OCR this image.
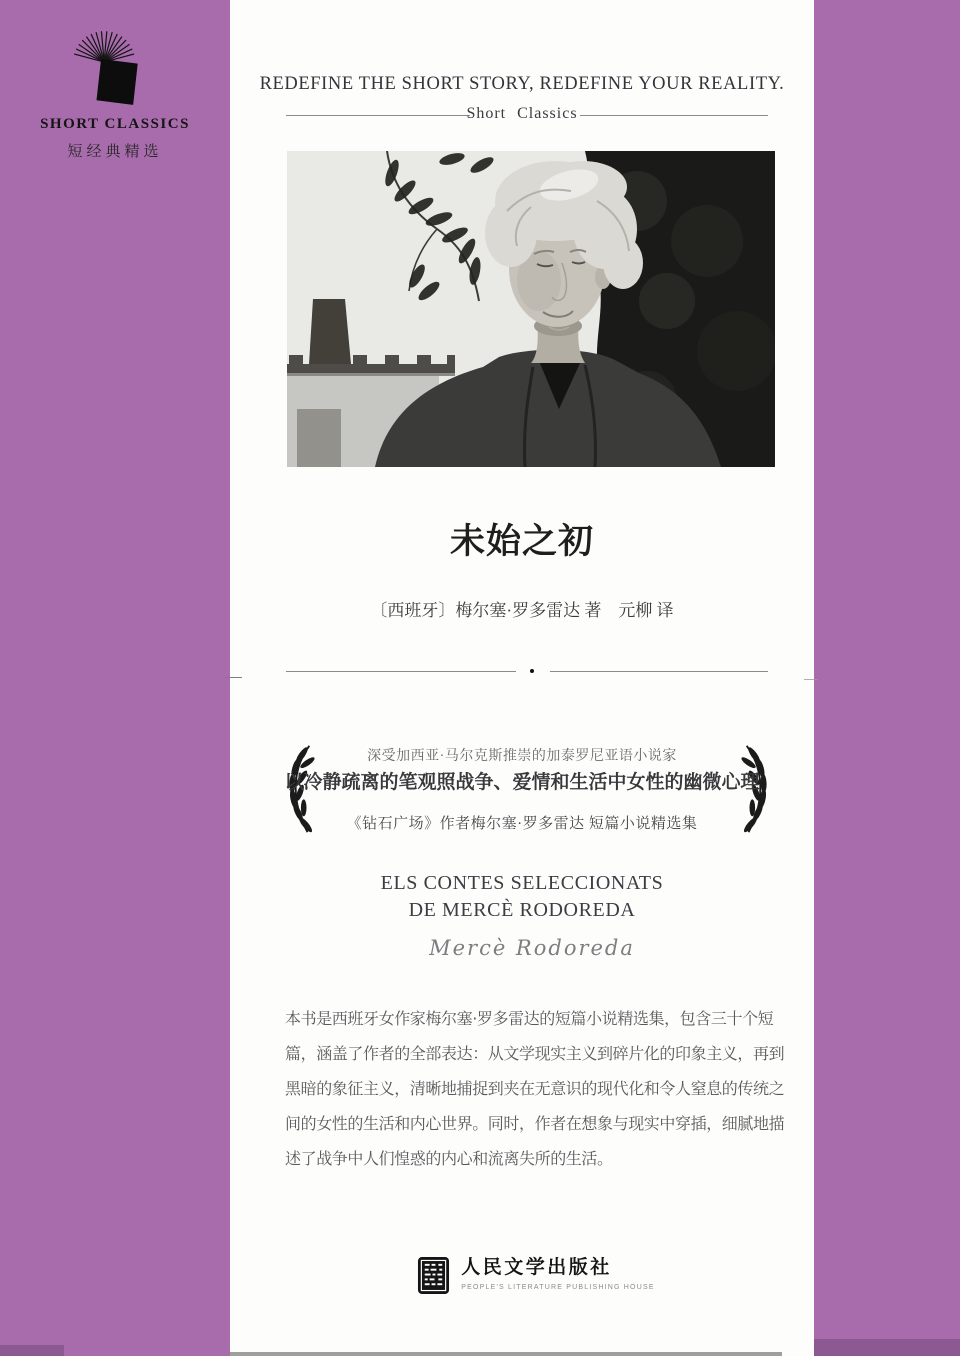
SHORT CLASSICS
短经典精选
REDEFINE THE SHORT STORY, REDEFINE YOUR REALITY.
Short Classics
未始之初
〔西班牙〕梅尔塞·罗多雷达 著　元柳 译
深受加西亚·马尔克斯推崇的加泰罗尼亚语小说家
以冷静疏离的笔观照战争、爱情和生活中女性的幽微心理
《钻石广场》作者梅尔塞·罗多雷达 短篇小说精选集
ELS CONTES SELECCIONATS
DE MERCÈ RODOREDA
Mercè Rodoreda
本书是西班牙女作家梅尔塞·罗多雷达的短篇小说精选集，包含三十个短
篇，涵盖了作者的全部表达：从文学现实主义到碎片化的印象主义，再到
黑暗的象征主义，清晰地捕捉到夹在无意识的现代化和令人窒息的传统之
间的女性的生活和内心世界。同时，作者在想象与现实中穿插，细腻地描
述了战争中人们惶惑的内心和流离失所的生活。
人民文学出版社
PEOPLE'S LITERATURE PUBLISHING HOUSE
